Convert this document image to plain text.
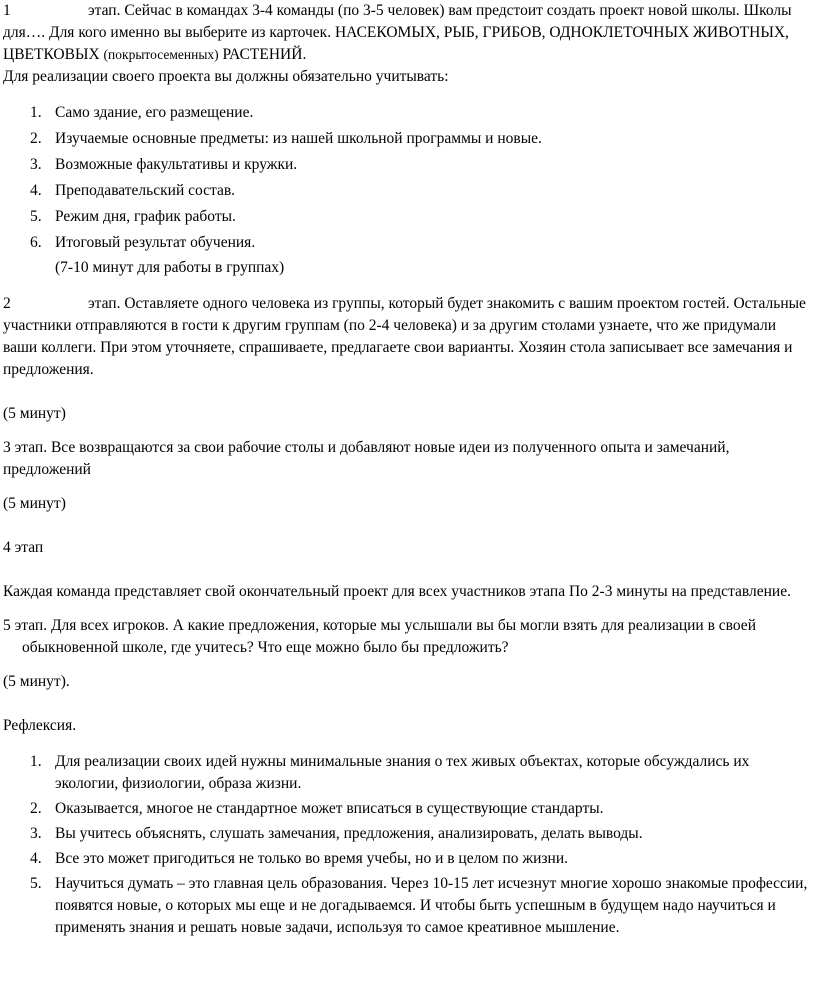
1	этап. Сейчас в командах 3-4 команды (по 3-5 человек) вам предстоит создать проект новой школы. Школы для…. Для кого именно вы выберите из карточек. НАСЕКОМЫХ, РЫБ, ГРИБОВ, ОДНОКЛЕТОЧНЫХ ЖИВОТНЫХ, ЦВЕТКОВЫХ (покрытосеменных) РАСТЕНИЙ.

Для реализации своего проекта вы должны обязательно учитывать:

1. Само здание, его размещение.
2. Изучаемые основные предметы: из нашей школьной программы и новые.
3. Возможные факультативы и кружки.
4. Преподавательский состав.
5. Режим дня, график работы.
6. Итоговый результат обучения.

(7-10 минут для работы в группах)

2	этап. Оставляете одного человека из группы, который будет знакомить с вашим проектом гостей. Остальные участники отправляются в гости к другим группам (по 2-4 человека) и за другим столами узнаете, что же придумали ваши коллеги. При этом уточняете, спрашиваете, предлагаете свои варианты. Хозяин стола записывает все замечания и предложения.

(5 минут)

3 этап. Все возвращаются за свои рабочие столы и добавляют новые идеи из полученного опыта и замечаний, предложений

(5 минут)

4 этап

Каждая команда представляет свой окончательный проект для всех участников этапа По 2-3 минуты на представление.

5 этап. Для всех игроков. А какие предложения, которые мы услышали вы бы могли взять для реализации в своей обыкновенной школе, где учитесь? Что еще можно было бы предложить?

(5 минут).

Рефлексия.

1. Для реализации своих идей нужны минимальные знания о тех живых объектах, которые обсуждались их экологии, физиологии, образа жизни.
2. Оказывается, многое не стандартное может вписаться в существующие стандарты.
3. Вы учитесь объяснять, слушать замечания, предложения, анализировать, делать выводы.
4. Все это может пригодиться не только во время учебы, но и в целом по жизни.
5. Научиться думать – это главная цель образования. Через 10-15 лет исчезнут многие хорошо знакомые профессии, появятся новые, о которых мы еще и не догадываемся. И чтобы быть успешным в будущем надо научиться и применять знания и решать новые задачи, используя то самое креативное мышление.
